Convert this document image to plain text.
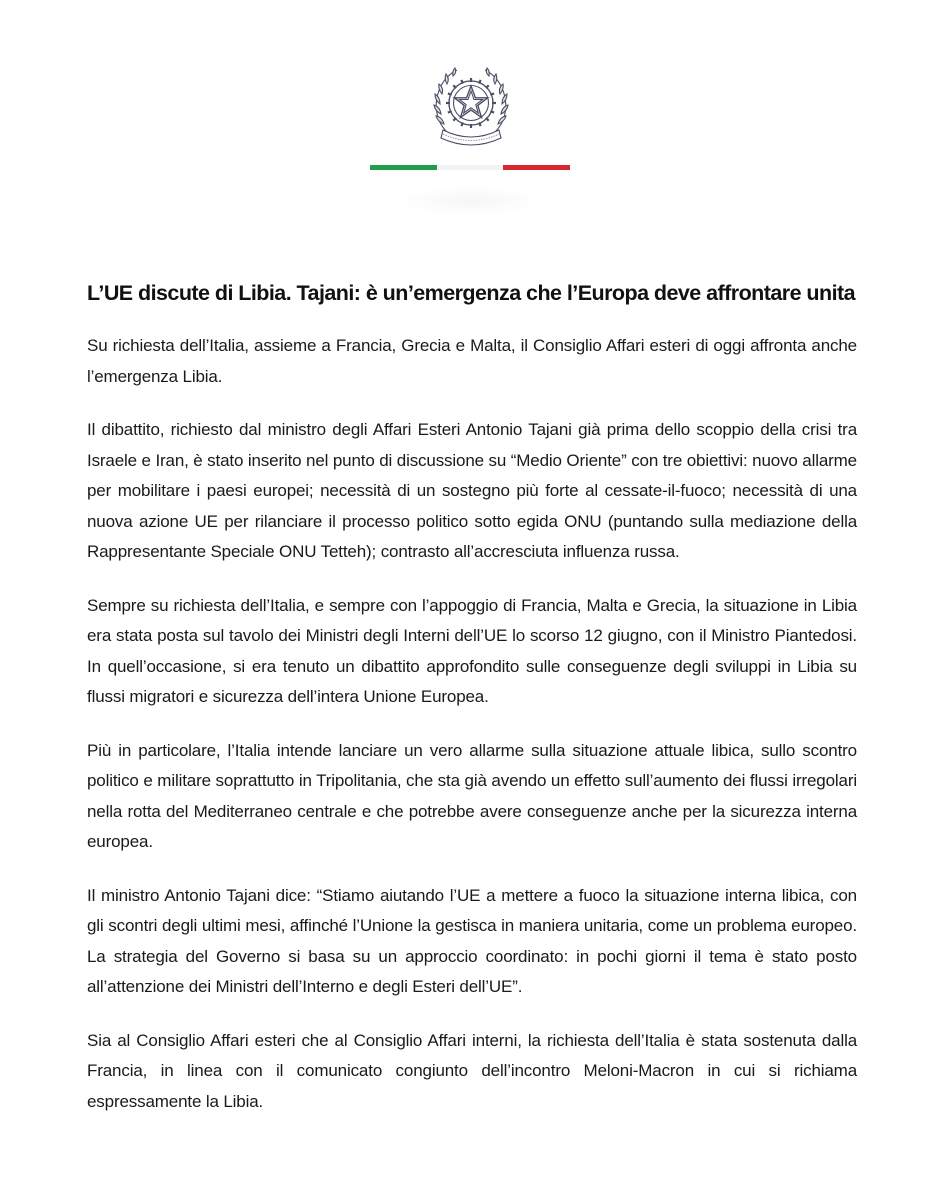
L’UE discute di Libia. Tajani: è un’emergenza che l’Europa deve affrontare unita

Su richiesta dell’Italia, assieme a Francia, Grecia e Malta, il Consiglio Affari esteri di oggi affronta anche l’emergenza Libia.

Il dibattito, richiesto dal ministro degli Affari Esteri Antonio Tajani già prima dello scoppio della crisi tra Israele e Iran, è stato inserito nel punto di discussione su “Medio Oriente” con tre obiettivi: nuovo allarme per mobilitare i paesi europei; necessità di un sostegno più forte al cessate-il-fuoco; necessità di una nuova azione UE per rilanciare il processo politico sotto egida ONU (puntando sulla mediazione della Rappresentante Speciale ONU Tetteh); contrasto all’accresciuta influenza russa.

Sempre su richiesta dell’Italia, e sempre con l’appoggio di Francia, Malta e Grecia, la situazione in Libia era stata posta sul tavolo dei Ministri degli Interni dell’UE lo scorso 12 giugno, con il Ministro Piantedosi. In quell’occasione, si era tenuto un dibattito approfondito sulle conseguenze degli sviluppi in Libia su flussi migratori e sicurezza dell’intera Unione Europea.

Più in particolare, l’Italia intende lanciare un vero allarme sulla situazione attuale libica, sullo scontro politico e militare soprattutto in Tripolitania, che sta già avendo un effetto sull’aumento dei flussi irregolari nella rotta del Mediterraneo centrale e che potrebbe avere conseguenze anche per la sicurezza interna europea.

Il ministro Antonio Tajani dice: “Stiamo aiutando l’UE a mettere a fuoco la situazione interna libica, con gli scontri degli ultimi mesi, affinché l’Unione la gestisca in maniera unitaria, come un problema europeo. La strategia del Governo si basa su un approccio coordinato: in pochi giorni il tema è stato posto all’attenzione dei Ministri dell’Interno e degli Esteri dell’UE”.

Sia al Consiglio Affari esteri che al Consiglio Affari interni, la richiesta dell’Italia è stata sostenuta dalla Francia, in linea con il comunicato congiunto dell’incontro Meloni-Macron in cui si richiama espressamente la Libia.
